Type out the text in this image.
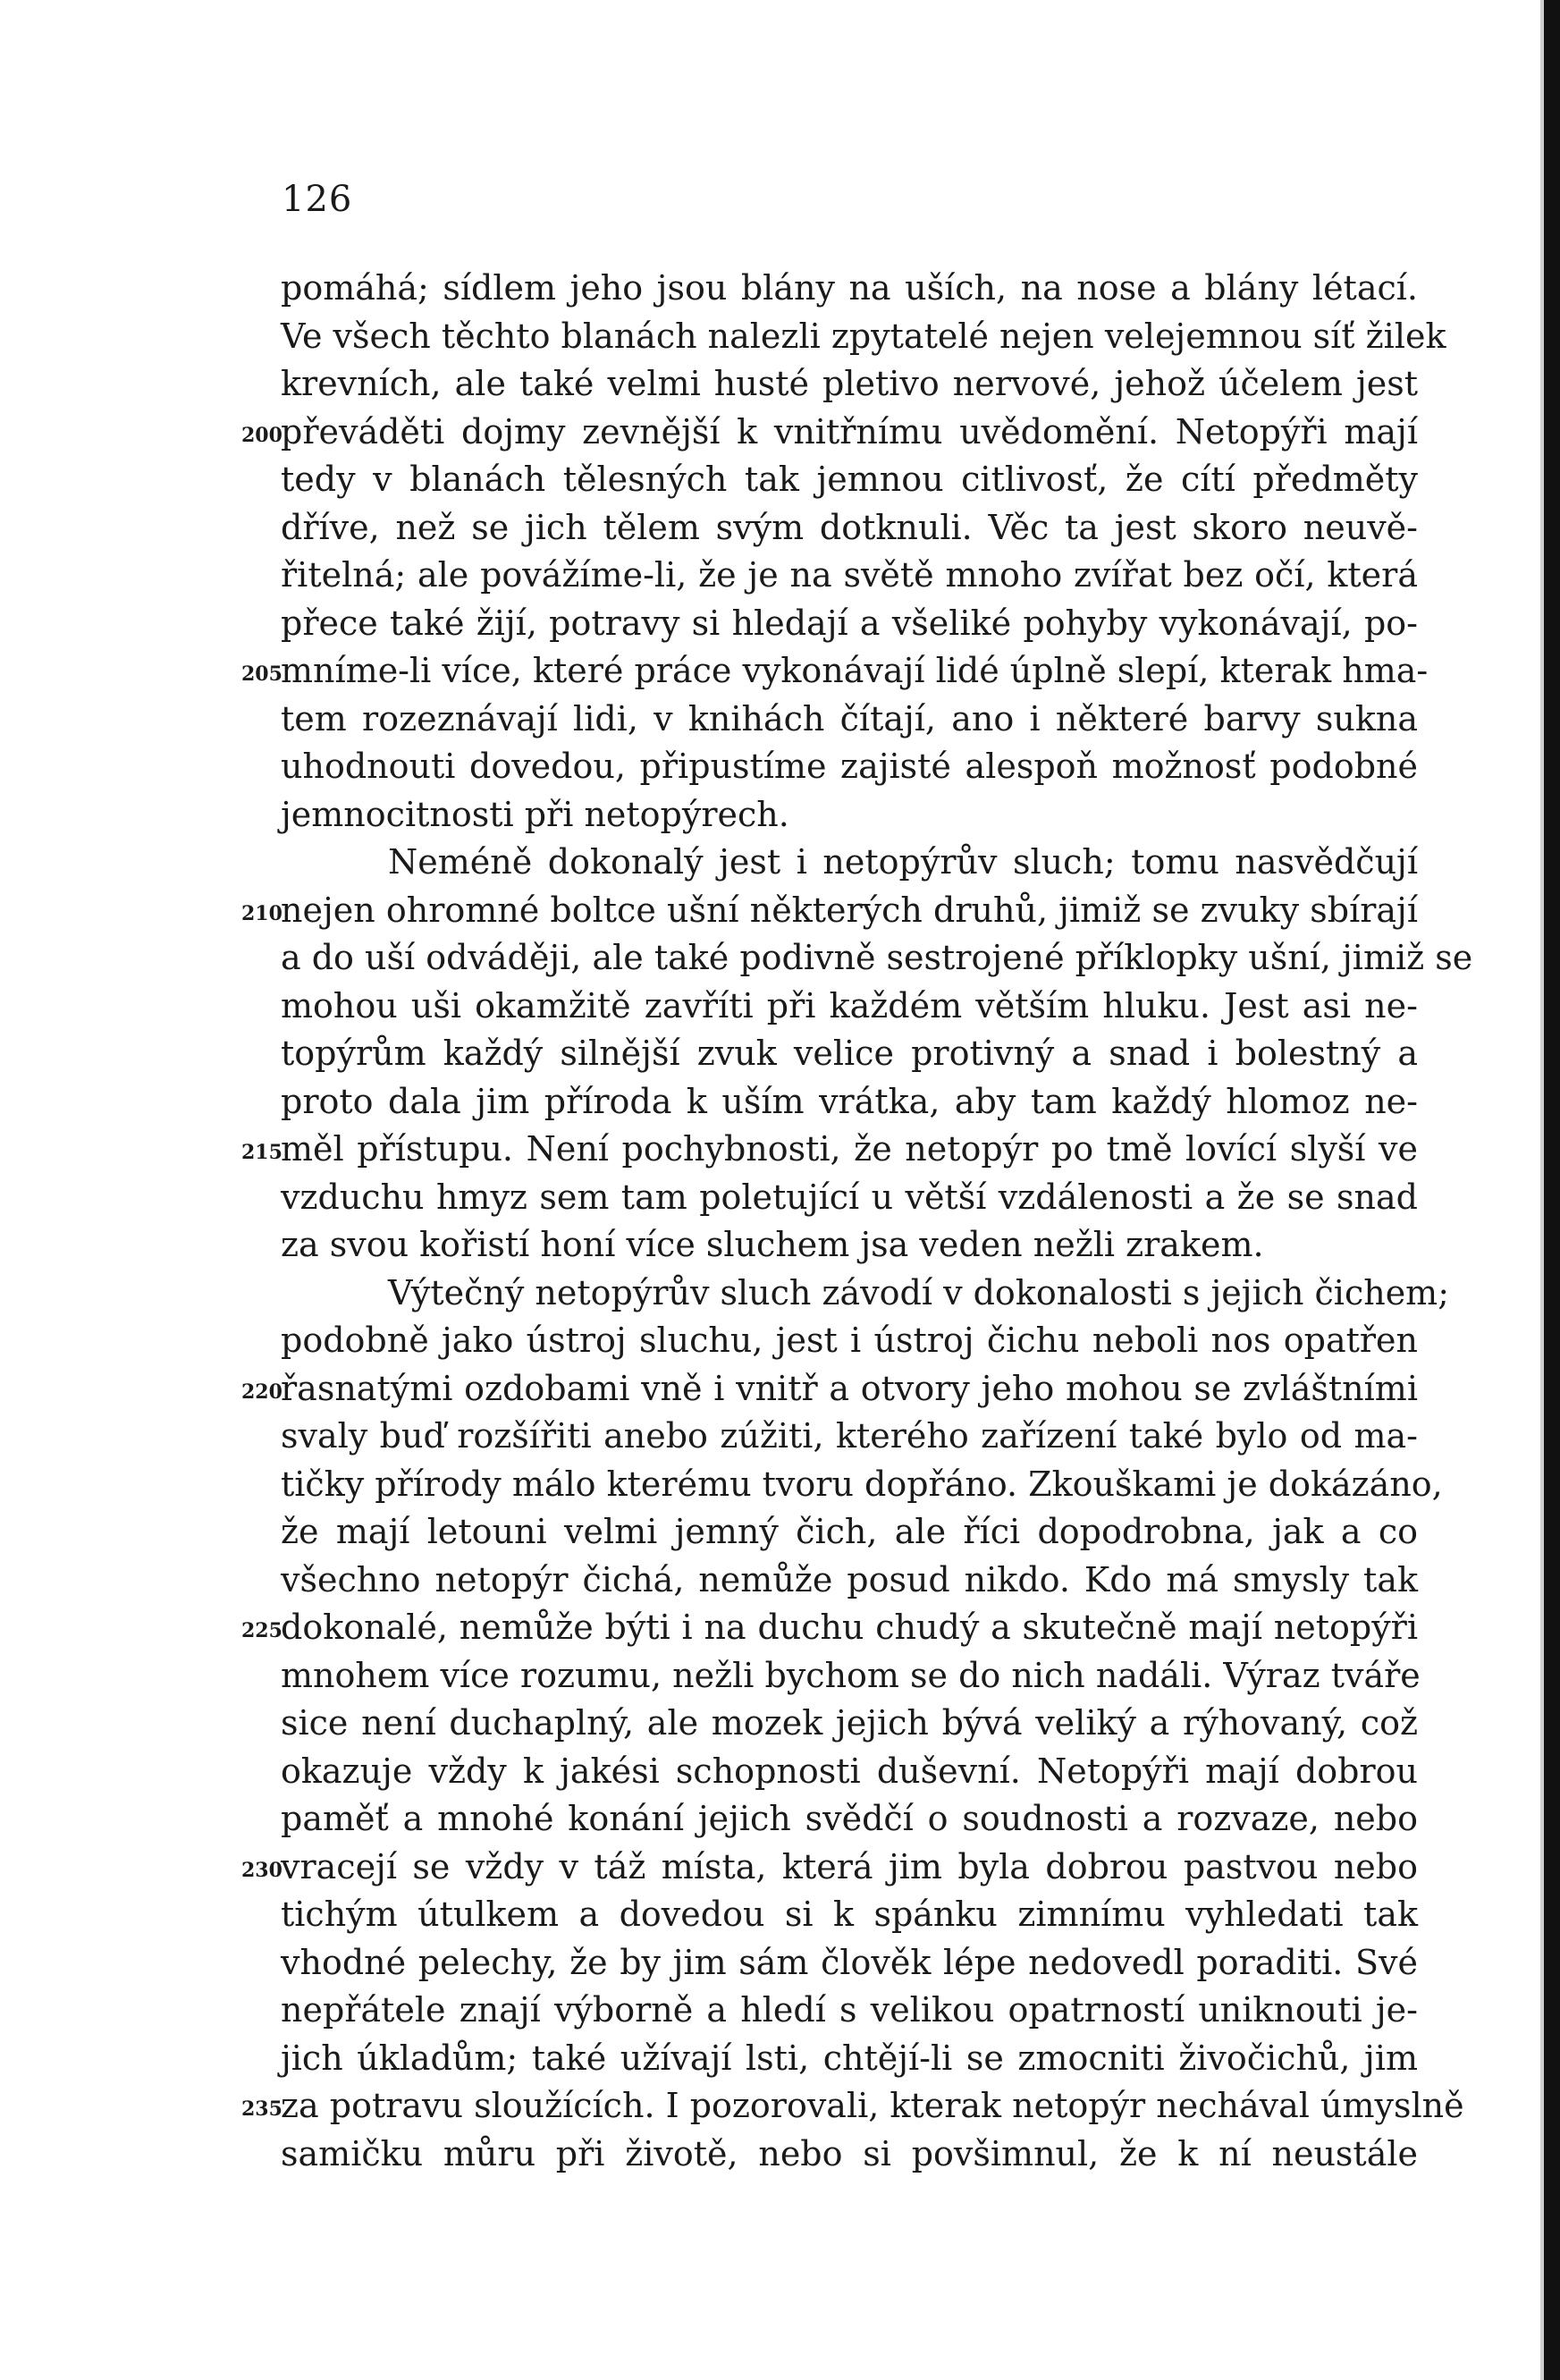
126
pomáhá; sídlem jeho jsou blány na uších, na nose a blány létací.
Ve všech těchto blanách nalezli zpytatelé nejen velejemnou síť žilek
krevních, ale také velmi husté pletivo nervové, jehož účelem jest
200
převáděti dojmy zevnější k vnitřnímu uvědomění. Netopýři mají
tedy v blanách tělesných tak jemnou citlivosť, že cítí předměty
dříve, než se jich tělem svým dotknuli. Věc ta jest skoro neuvě-
řitelná; ale povážíme-li, že je na světě mnoho zvířat bez očí, která
přece také žijí, potravy si hledají a všeliké pohyby vykonávají, po-
205
mníme-li více, které práce vykonávají lidé úplně slepí, kterak hma-
tem rozeznávají lidi, v knihách čítají, ano i některé barvy sukna
uhodnouti dovedou, připustíme zajisté alespoň možnosť podobné
jemnocitnosti při netopýrech.
Neméně dokonalý jest i netopýrův sluch; tomu nasvědčují
210
nejen ohromné boltce ušní některých druhů, jimiž se zvuky sbírají
a do uší odváději, ale také podivně sestrojené příklopky ušní, jimiž se
mohou uši okamžitě zavříti při každém větším hluku. Jest asi ne-
topýrům každý silnější zvuk velice protivný a snad i bolestný a
proto dala jim příroda k uším vrátka, aby tam každý hlomoz ne-
215
měl přístupu. Není pochybnosti, že netopýr po tmě lovící slyší ve
vzduchu hmyz sem tam poletující u větší vzdálenosti a že se snad
za svou kořistí honí více sluchem jsa veden nežli zrakem.
Výtečný netopýrův sluch závodí v dokonalosti s jejich čichem;
podobně jako ústroj sluchu, jest i ústroj čichu neboli nos opatřen
220
řasnatými ozdobami vně i vnitř a otvory jeho mohou se zvláštními
svaly buď rozšířiti anebo zúžiti, kterého zařízení také bylo od ma-
tičky přírody málo kterému tvoru dopřáno. Zkouškami je dokázáno,
že mají letouni velmi jemný čich, ale říci dopodrobna, jak a co
všechno netopýr čichá, nemůže posud nikdo. Kdo má smysly tak
225
dokonalé, nemůže býti i na duchu chudý a skutečně mají netopýři
mnohem více rozumu, nežli bychom se do nich nadáli. Výraz tváře
sice není duchaplný, ale mozek jejich bývá veliký a rýhovaný, což
okazuje vždy k jakési schopnosti duševní. Netopýři mají dobrou
paměť a mnohé konání jejich svědčí o soudnosti a rozvaze, nebo
230
vracejí se vždy v táž místa, která jim byla dobrou pastvou nebo
tichým útulkem a dovedou si k spánku zimnímu vyhledati tak
vhodné pelechy, že by jim sám člověk lépe nedovedl poraditi. Své
nepřátele znají výborně a hledí s velikou opatrností uniknouti je-
jich úkladům; také užívají lsti, chtějí-li se zmocniti živočichů, jim
235
za potravu sloužících. I pozorovali, kterak netopýr nechával úmyslně
samičku můru při životě, nebo si povšimnul, že k ní neustále
